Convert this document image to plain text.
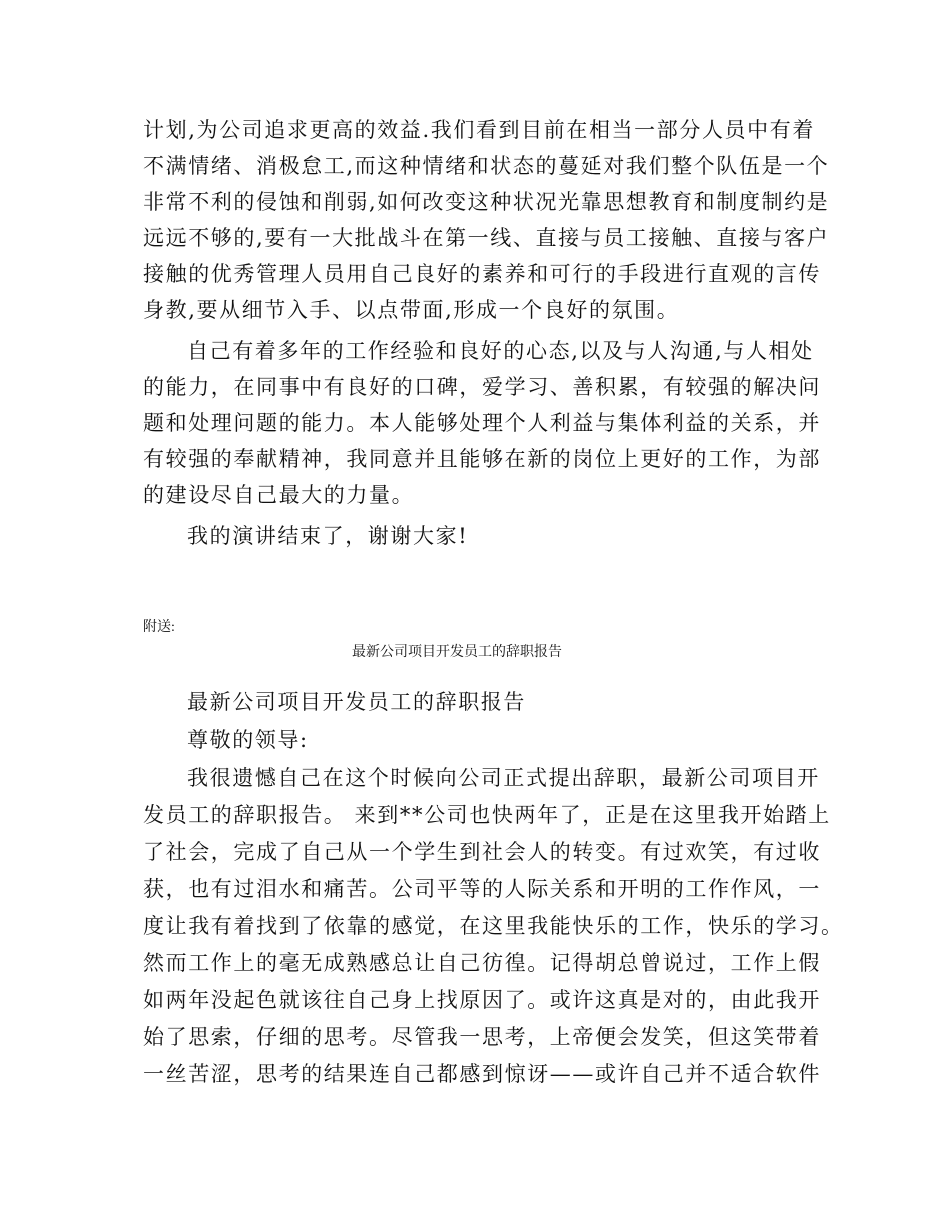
计划,为公司追求更高的效益.我们看到目前在相当一部分人员中有着
不满情绪、消极怠工,而这种情绪和状态的蔓延对我们整个队伍是一个
非常不利的侵蚀和削弱,如何改变这种状况光靠思想教育和制度制约是
远远不够的,要有一大批战斗在第一线、直接与员工接触、直接与客户
接触的优秀管理人员用自己良好的素养和可行的手段进行直观的言传
身教,要从细节入手、以点带面,形成一个良好的氛围。
自己有着多年的工作经验和良好的心态,以及与人沟通,与人相处
的能力，在同事中有良好的口碑，爱学习、善积累，有较强的解决问
题和处理问题的能力。本人能够处理个人利益与集体利益的关系，并
有较强的奉献精神，我同意并且能够在新的岗位上更好的工作，为部
的建设尽自己最大的力量。
我的演讲结束了，谢谢大家!
附送:
最新公司项目开发员工的辞职报告
最新公司项目开发员工的辞职报告
尊敬的领导:
我很遗憾自己在这个时候向公司正式提出辞职，最新公司项目开
发员工的辞职报告。 来到**公司也快两年了，正是在这里我开始踏上
了社会，完成了自己从一个学生到社会人的转变。有过欢笑，有过收
获，也有过泪水和痛苦。公司平等的人际关系和开明的工作作风，一
度让我有着找到了依靠的感觉，在这里我能快乐的工作，快乐的学习。
然而工作上的毫无成熟感总让自己彷徨。记得胡总曾说过，工作上假
如两年没起色就该往自己身上找原因了。或许这真是对的，由此我开
始了思索，仔细的思考。尽管我一思考，上帝便会发笑，但这笑带着
一丝苦涩，思考的结果连自己都感到惊讶——或许自己并不适合软件
